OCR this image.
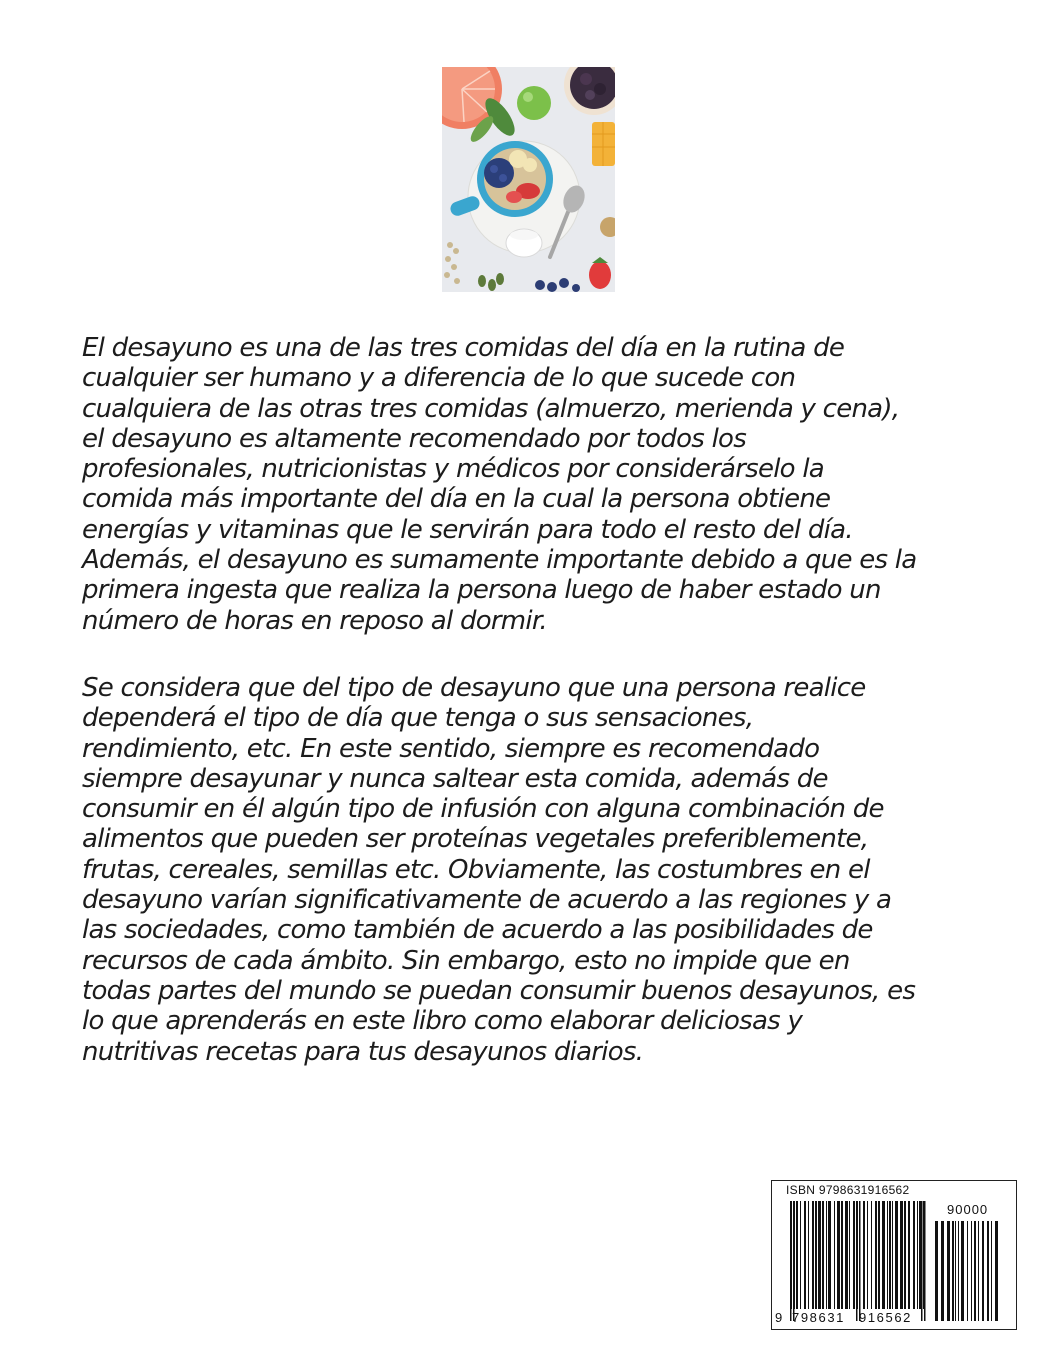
El desayuno es una de las tres comidas del día en la rutina de
cualquier ser humano y a diferencia de lo que sucede con
cualquiera de las otras tres comidas (almuerzo, merienda y cena),
el desayuno es altamente recomendado por todos los
profesionales, nutricionistas y médicos por considerárselo la
comida más importante del día en la cual la persona obtiene
energías y vitaminas que le servirán para todo el resto del día.
Además, el desayuno es sumamente importante debido a que es la
primera ingesta que realiza la persona luego de haber estado un
número de horas en reposo al dormir.
Se considera que del tipo de desayuno que una persona realice
dependerá el tipo de día que tenga o sus sensaciones,
rendimiento, etc. En este sentido, siempre es recomendado
siempre desayunar y nunca saltear esta comida, además de
consumir en él algún tipo de infusión con alguna combinación de
alimentos que pueden ser proteínas vegetales preferiblemente,
frutas, cereales, semillas etc. Obviamente, las costumbres en el
desayuno varían significativamente de acuerdo a las regiones y a
las sociedades, como también de acuerdo a las posibilidades de
recursos de cada ámbito. Sin embargo, esto no impide que en
todas partes del mundo se puedan consumir buenos desayunos, es
lo que aprenderás en este libro como elaborar deliciosas y
nutritivas recetas para tus desayunos diarios.
ISBN 9798631916562
90000
9 798631 916562
